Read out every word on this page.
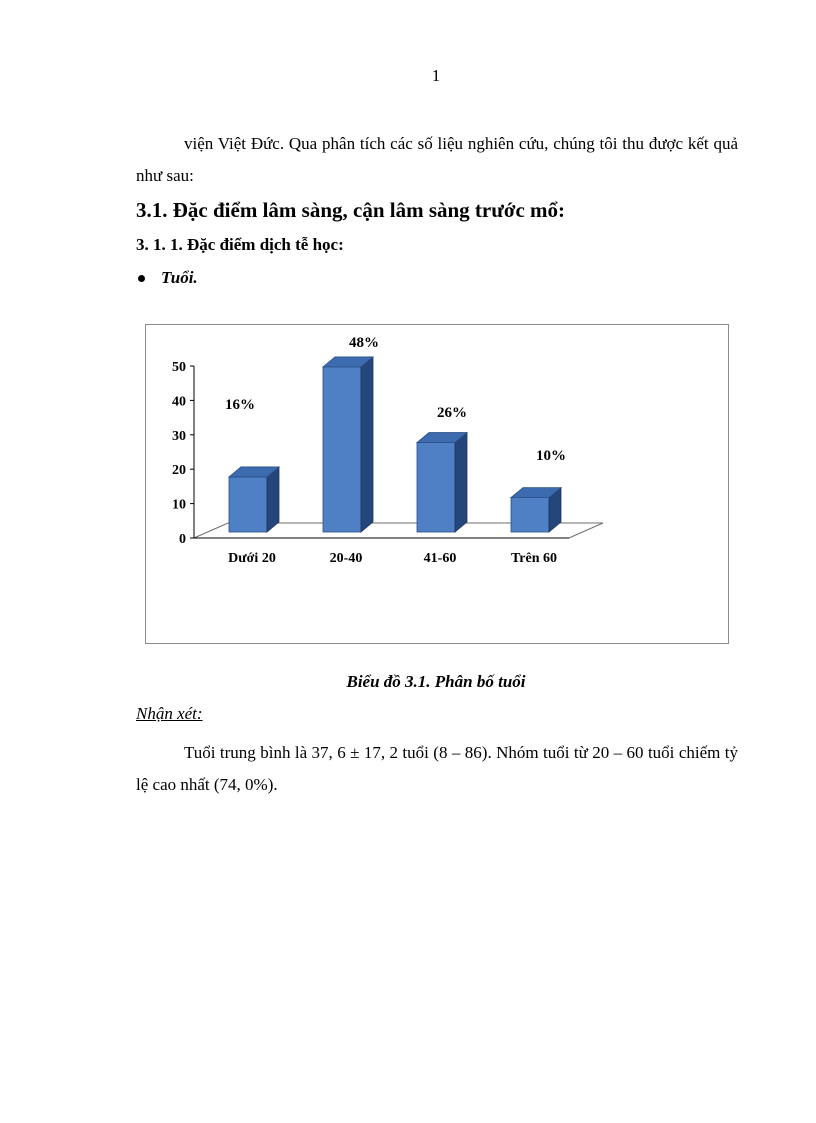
1

viện Việt Đức. Qua phân tích các số liệu nghiên cứu, chúng tôi thu được kết quả như sau:

3.1. Đặc điểm lâm sàng, cận lâm sàng trước mổ:
3. 1. 1. Đặc điểm dịch tễ học:
Tuổi.
0
10
20
30
40
50
Dưới 20	20-40	41-60	Trên 60
16%
48%
26%
10%
Biểu đồ 3.1. Phân bố tuổi
Nhận xét:

Tuổi trung bình là 37, 6 ± 17, 2 tuổi (8 – 86). Nhóm tuổi từ 20 – 60 tuổi chiếm tỷ lệ cao nhất (74, 0%).
